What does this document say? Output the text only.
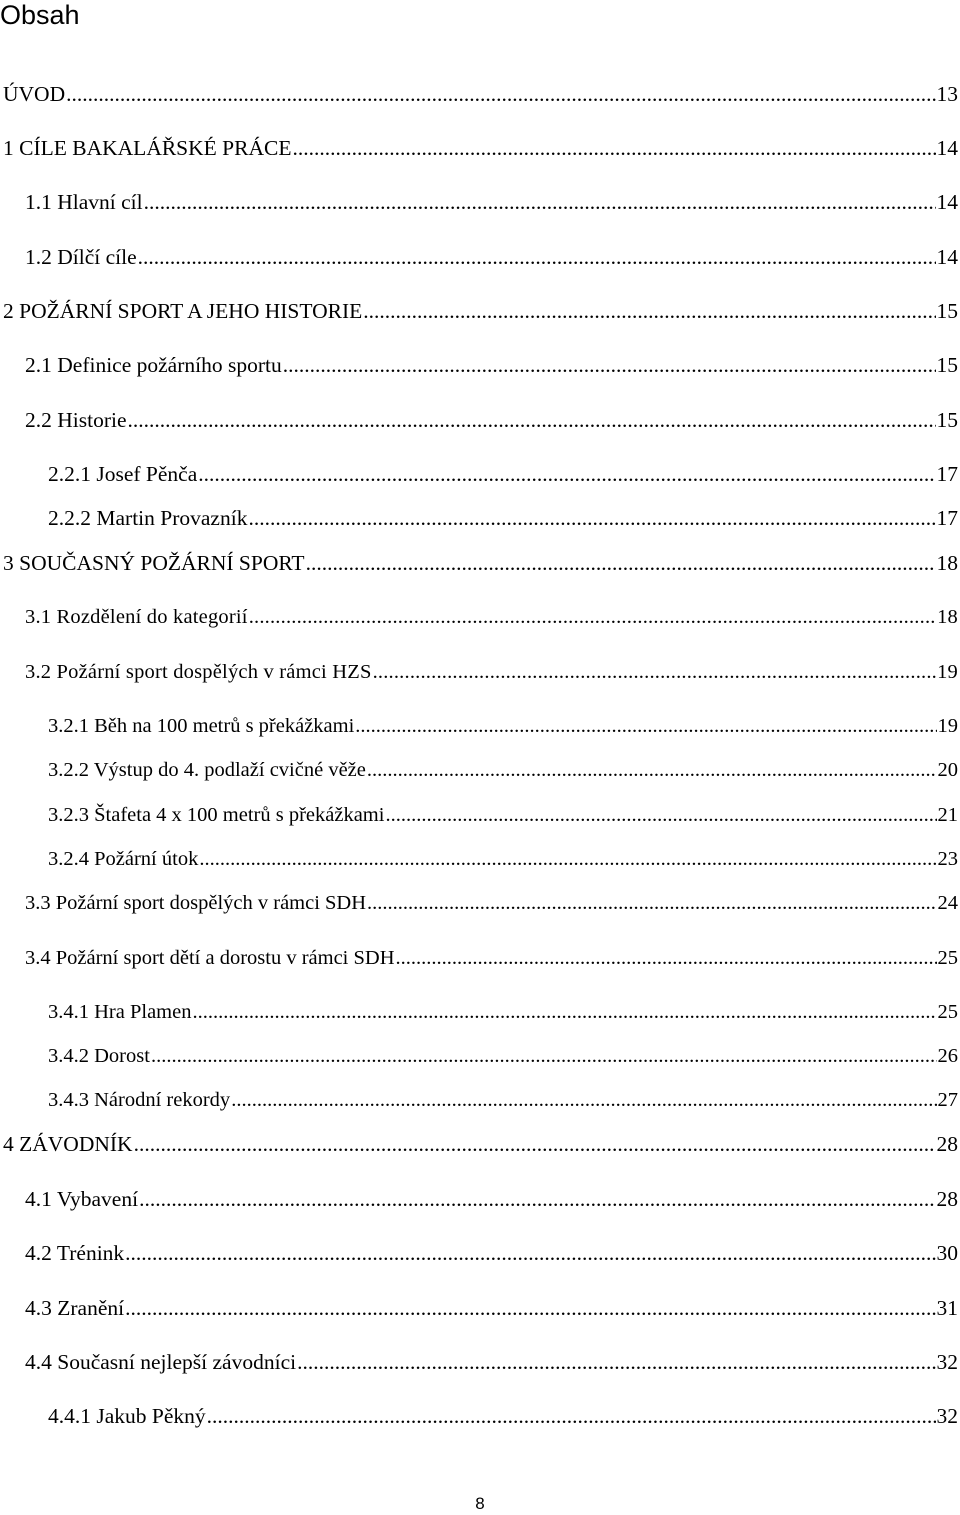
Obsah
ÚVOD .....	13
1 CÍLE BAKALÁŘSKÉ PRÁCE .....	14
1.1 Hlavní cíl .....	14
1.2 Dílčí cíle .....	14
2 POŽÁRNÍ SPORT A JEHO HISTORIE .....	15
2.1 Definice požárního sportu .....	15
2.2 Historie .....	15
2.2.1 Josef Pěnča .....	17
2.2.2 Martin Provazník .....	17
3 SOUČASNÝ POŽÁRNÍ SPORT .....	18
3.1 Rozdělení do kategorií .....	18
3.2 Požární sport dospělých v rámci HZS .....	19
3.2.1 Běh na 100 metrů s překážkami .....	19
3.2.2 Výstup do 4. podlaží cvičné věže .....	20
3.2.3 Štafeta 4 x 100 metrů s překážkami .....	21
3.2.4 Požární útok .....	23
3.3 Požární sport dospělých v rámci SDH .....	24
3.4 Požární sport dětí a dorostu v rámci SDH .....	25
3.4.1 Hra Plamen .....	25
3.4.2 Dorost .....	26
3.4.3 Národní rekordy .....	27
4 ZÁVODNÍK .....	28
4.1 Vybavení .....	28
4.2 Trénink .....	30
4.3 Zranění .....	31
4.4 Současní nejlepší závodníci .....	32
4.4.1 Jakub Pěkný .....	32
8
